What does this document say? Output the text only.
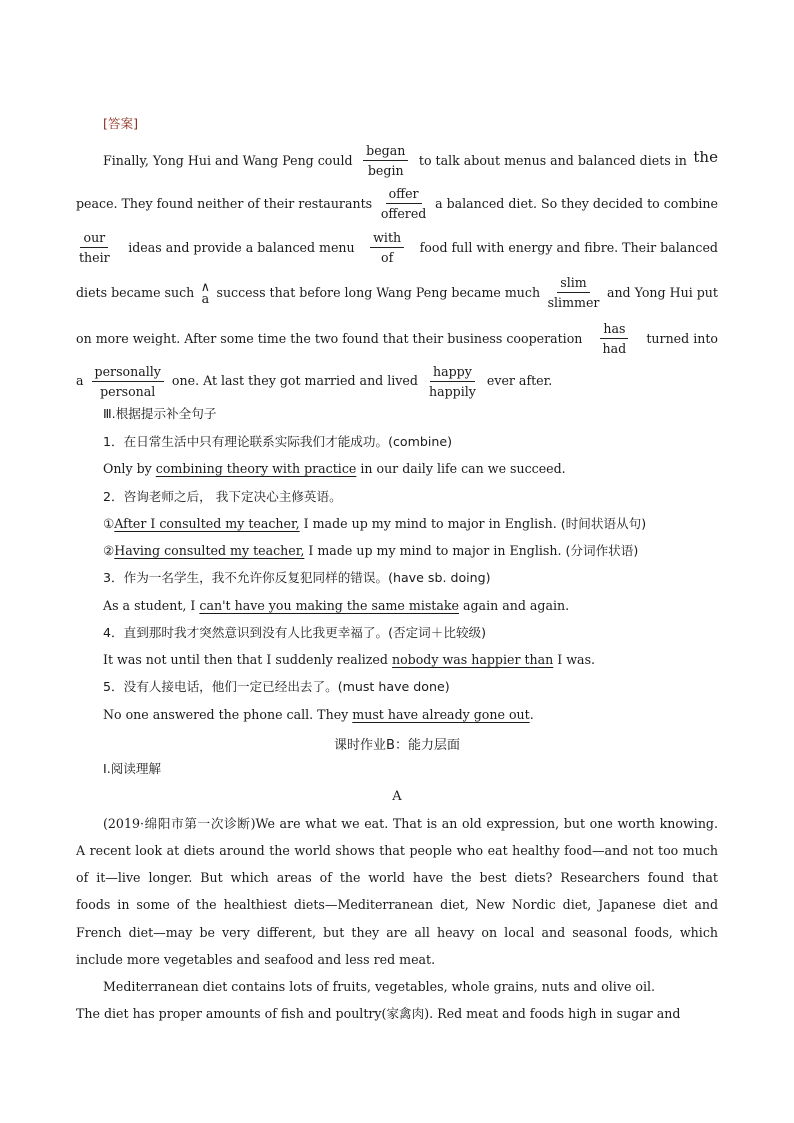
[答案]
Finally, Yong Hui and Wang Peng could
began
begin
to talk about menus and balanced diets in the
peace. They found neither of their restaurants
offer
offered
a balanced diet. So they decided to combine
our
their
ideas and provide a balanced menu
with
of
food full with energy and fibre. Their balanced
diets became such ∧
a success that before long Wang Peng became much
slim
slimmer
and Yong Hui put
on more weight. After some time the two found that their business cooperation
has
had
turned into
a
personally
personal
one. At last they got married and lived
happy
happily
ever after.
Ⅲ.根据提示补全句子
1．在日常生活中只有理论联系实际我们才能成功。(combine)
Only by combining theory with practice in our daily life can we succeed.
2．咨询老师之后， 我下定决心主修英语。
①After I consulted my teacher, I made up my mind to major in English. (时间状语从句)
②Having consulted my teacher, I made up my mind to major in English. (分词作状语)
3．作为一名学生，我不允许你反复犯同样的错误。(have sb. doing)
As a student, I can't have you making the same mistake again and again.
4．直到那时我才突然意识到没有人比我更幸福了。(否定词＋比较级)
It was not until then that I suddenly realized nobody was happier than I was.
5．没有人接电话，他们一定已经出去了。(must have done)
No one answered the phone call. They must have already gone out.
课时作业B：能力层面
Ⅰ.阅读理解
A
(2019·绵阳市第一次诊断)We are what we eat. That is an old expression, but one worth knowing.
A recent look at diets around the world shows that people who eat healthy food—and not too much
of it—live longer. But which areas of the world have the best diets? Researchers found that
foods in some of the healthiest diets—Mediterranean diet, New Nordic diet, Japanese diet and
French diet—may be very different, but they are all heavy on local and seasonal foods, which
include more vegetables and seafood and less red meat.
Mediterranean diet contains lots of fruits, vegetables, whole grains, nuts and olive oil.
The diet has proper amounts of fish and poultry(家禽肉). Red meat and foods high in sugar and
